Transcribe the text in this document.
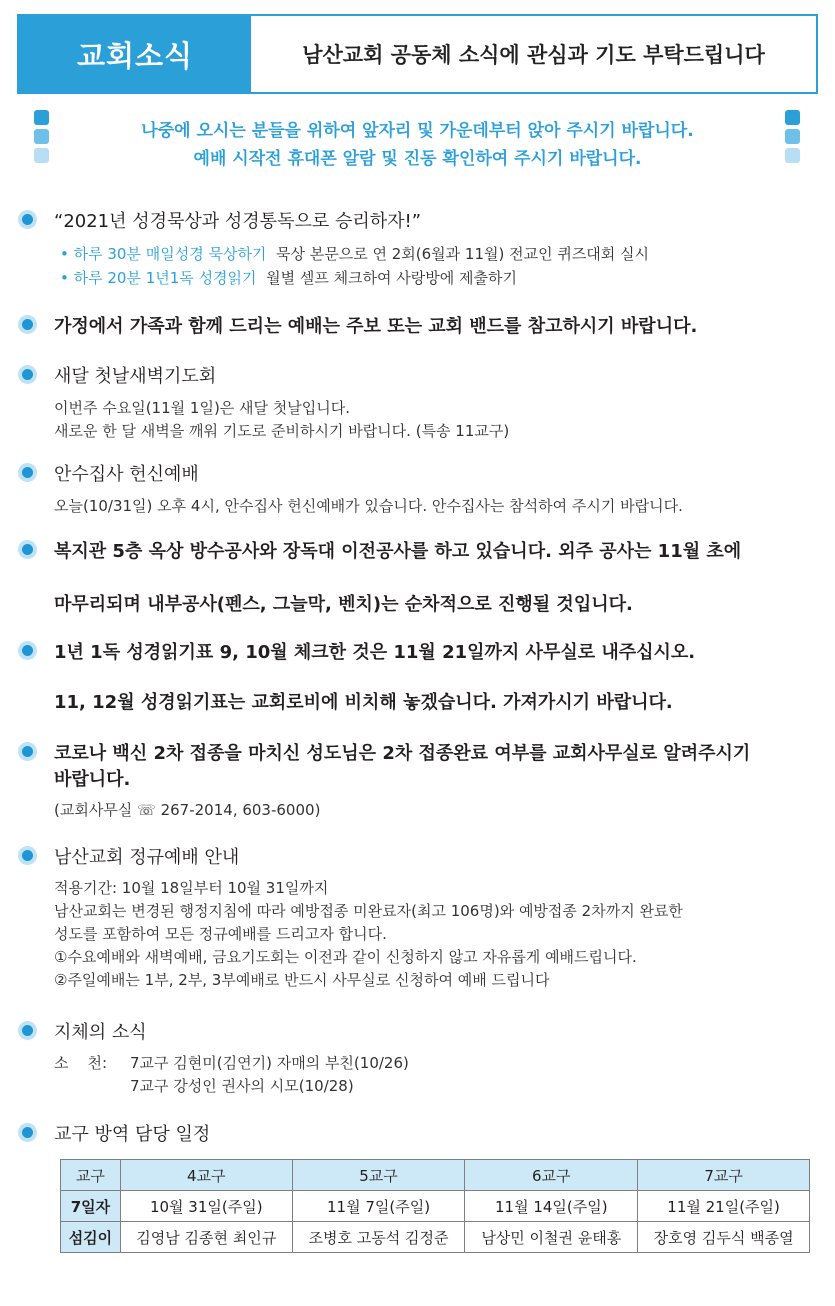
교회소식	남산교회 공동체 소식에 관심과 기도 부탁드립니다
나중에 오시는 분들을 위하여 앞자리 및 가운데부터 앉아 주시기 바랍니다.
예배 시작전 휴대폰 알람 및 진동 확인하여 주시기 바랍니다.
“2021년 성경묵상과 성경통독으로 승리하자!”
• 하루 30분 매일성경 묵상하기 묵상 본문으로 연 2회(6월과 11월) 전교인 퀴즈대회 실시
• 하루 20분 1년1독 성경읽기 월별 셀프 체크하여 사랑방에 제출하기
가정에서 가족과 함께 드리는 예배는 주보 또는 교회 밴드를 참고하시기 바랍니다.
새달 첫날새벽기도회
이번주 수요일(11월 1일)은 새달 첫날입니다.
새로운 한 달 새벽을 깨워 기도로 준비하시기 바랍니다. (특송 11교구)
안수집사 헌신예배
오늘(10/31일) 오후 4시, 안수집사 헌신예배가 있습니다. 안수집사는 참석하여 주시기 바랍니다.
복지관 5층 옥상 방수공사와 장독대 이전공사를 하고 있습니다. 외주 공사는 11월 초에
마무리되며 내부공사(펜스, 그늘막, 벤치)는 순차적으로 진행될 것입니다.
1년 1독 성경읽기표 9, 10월 체크한 것은 11월 21일까지 사무실로 내주십시오.
11, 12월 성경읽기표는 교회로비에 비치해 놓겠습니다. 가져가시기 바랍니다.
코로나 백신 2차 접종을 마치신 성도님은 2차 접종완료 여부를 교회사무실로 알려주시기
바랍니다.
(교회사무실 ☏ 267-2014, 603-6000)
남산교회 정규예배 안내
적용기간: 10월 18일부터 10월 31일까지
남산교회는 변경된 행정지침에 따라 예방접종 미완료자(최고 106명)와 예방접종 2차까지 완료한
성도를 포함하여 모든 정규예배를 드리고자 합니다.
①수요예배와 새벽예배, 금요기도회는 이전과 같이 신청하지 않고 자유롭게 예배드립니다.
②주일예배는 1부, 2부, 3부예배로 반드시 사무실로 신청하여 예배 드립니다
지체의 소식
소    천: 7교구 김현미(김연기) 자매의 부친(10/26)
7교구 강성인 권사의 시모(10/28)
교구 방역 담당 일정
교구	4교구	5교구	6교구	7교구
7일자	10월 31일(주일)	11월 7일(주일)	11월 14일(주일)	11월 21일(주일)
섬김이	김영남 김종현 최인규	조병호 고동석 김정준	남상민 이철권 윤태홍	장호영 김두식 백종열
